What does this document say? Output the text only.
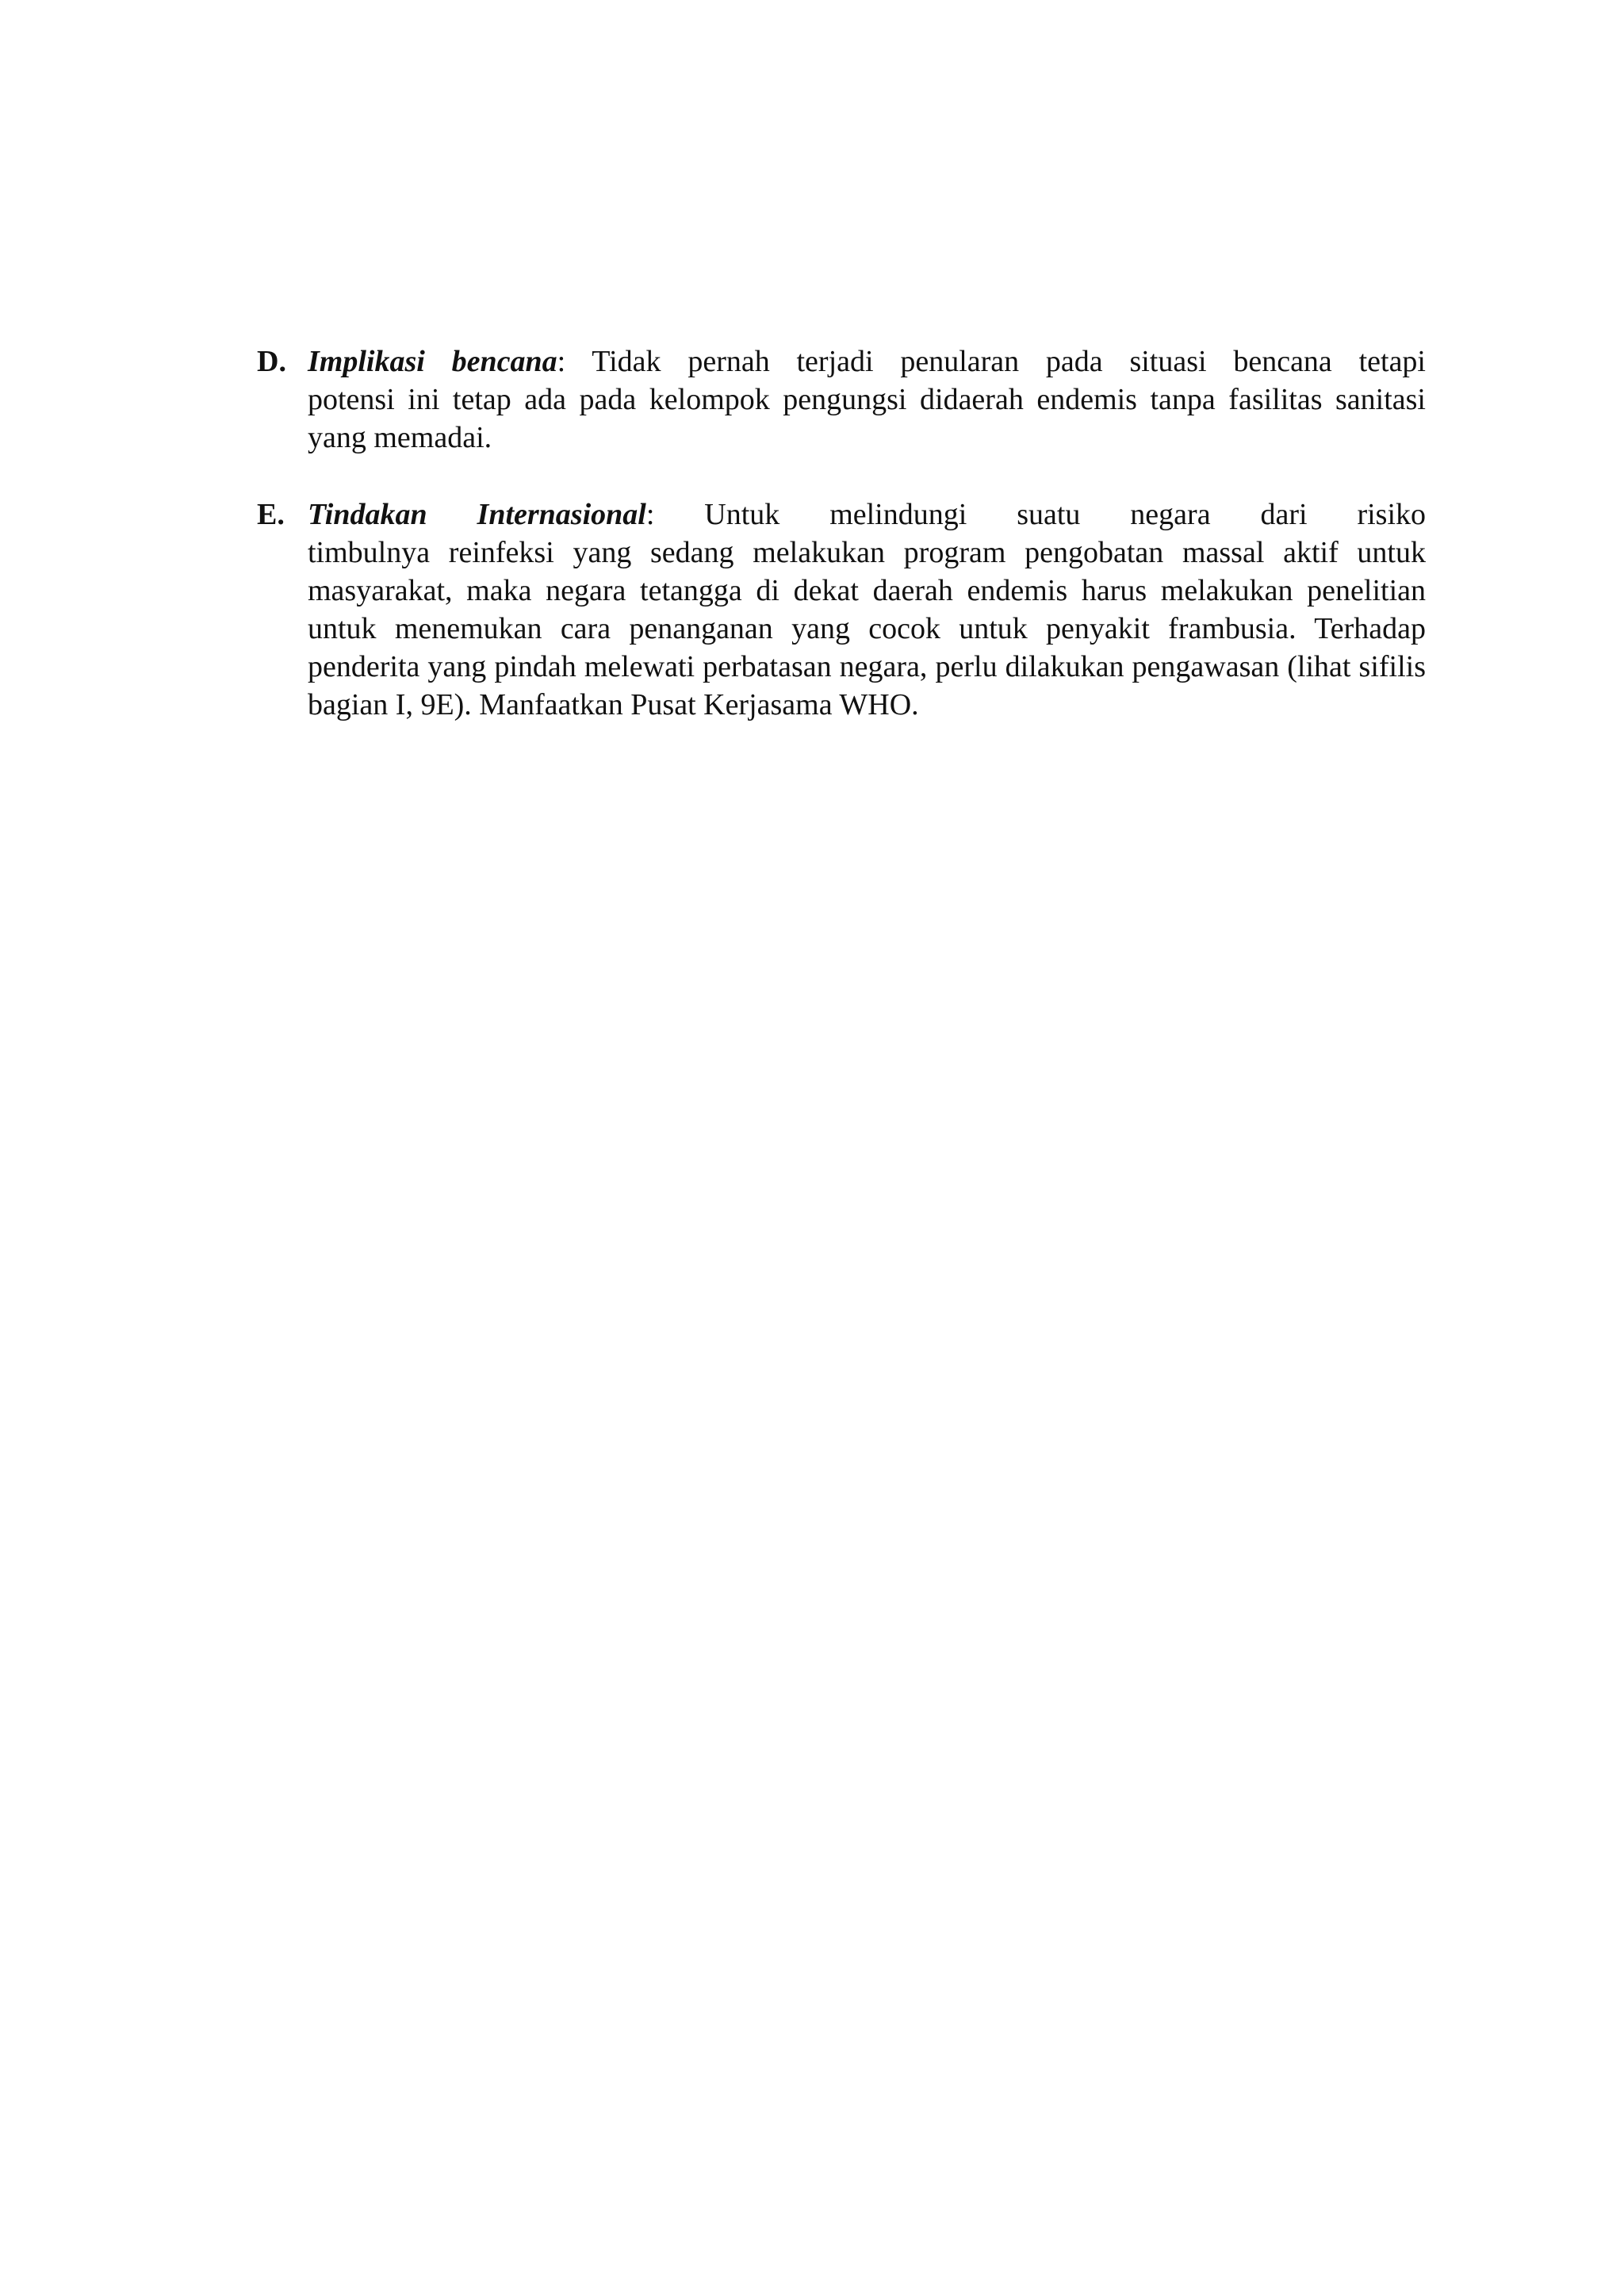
D. Implikasi bencana: Tidak pernah terjadi penularan pada situasi bencana tetapi
potensi ini tetap ada pada kelompok pengungsi didaerah endemis tanpa fasilitas sanitasi yang memadai.
E. Tindakan Internasional: Untuk melindungi suatu negara dari risiko
timbulnya reinfeksi yang sedang melakukan program pengobatan massal aktif untuk masyarakat, maka negara tetangga di dekat daerah endemis harus melakukan penelitian untuk menemukan cara penanganan yang cocok untuk penyakit frambusia. Terhadap penderita yang pindah melewati perbatasan negara, perlu dilakukan pengawasan (lihat sifilis bagian I, 9E). Manfaatkan Pusat Kerjasama WHO.
